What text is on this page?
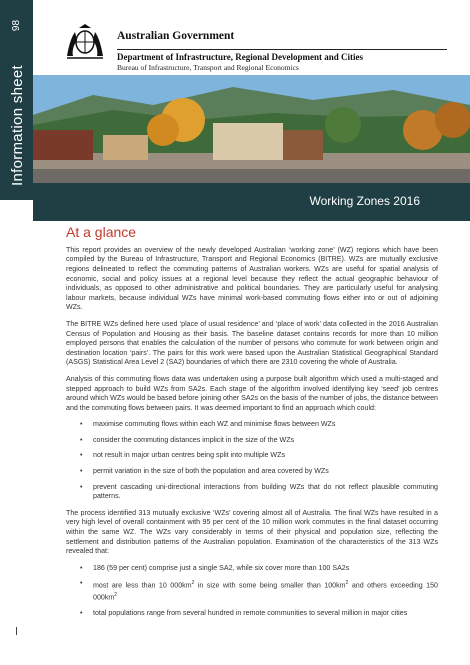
98
Information sheet
Australian Government
Department of Infrastructure, Regional Development and Cities
Bureau of Infrastructure, Transport and Regional Economics
Working Zones 2016
At a glance

This report provides an overview of the newly developed Australian ‘working zone’ (WZ) regions which have been compiled by the Bureau of Infrastructure, Transport and Regional Economics (BITRE). WZs are mutually exclusive regions delineated to reflect the commuting patterns of Australian workers. WZs are useful for spatial analysis of economic, social and policy issues at a regional level because they reflect the actual geographic behaviour of individuals, as opposed to other administrative and political boundaries. They are particularly useful for analysing labour markets, because individual WZs have minimal work-based commuting flows either into or out of adjoining WZs.

The BITRE WZs defined here used ‘place of usual residence’ and ‘place of work’ data collected in the 2016 Australian Census of Population and Housing as their basis. The baseline dataset contains records for more than 10 million employed persons that enables the calculation of the number of persons who commute for work between origin and destination location ‘pairs’. The pairs for this work were based upon the Australian Statistical Geographical Standard (ASGS) Statistical Area Level 2 (SA2) boundaries of which there are 2310 covering the whole of Australia.

Analysis of this commuting flows data was undertaken using a purpose built algorithm which used a multi-staged and stepped approach to build WZs from SA2s. Each stage of the algorithm involved identifying key ‘seed’ job centres around which WZs would be based before joining other SA2s on the basis of the number of jobs, the distance between and the commuting flows between pairs. It was deemed important to find an approach which could:

• maximise commuting flows within each WZ and minimise flows between WZs
• consider the commuting distances implicit in the size of the WZs
• not result in major urban centres being split into multiple WZs
• permit variation in the size of both the population and area covered by WZs
• prevent cascading uni-directional interactions from building WZs that do not reflect plausible commuting patterns.

The process identified 313 mutually exclusive ‘WZs’ covering almost all of Australia. The final WZs have resulted in a very high level of overall containment with 95 per cent of the 10 million work commutes in the final dataset occurring within the same WZ. The WZs vary considerably in terms of their physical and population size, reflecting the settlement and distribution patterns of the Australian population. Examination of the characteristics of the 313 WZs revealed that:

• 186 (59 per cent) comprise just a single SA2, while six cover more than 100 SA2s
• most are less than 10 $000km^2$ in size with some being smaller than $100km^2$ and others exceeding 150 $000km^2$
• total populations range from several hundred in remote communities to several million in major cities
